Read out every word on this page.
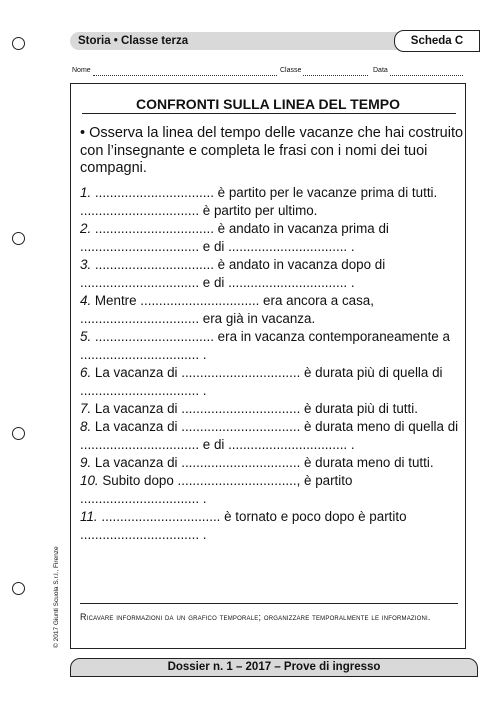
Storia • Classe terza	Scheda C
Nome	Classe	Data
CONFRONTI SULLA LINEA DEL TEMPO
• Osserva la linea del tempo delle vacanze che hai costruito con l’insegnante e completa le frasi con i nomi dei tuoi compagni.
1. ................................ è partito per le vacanze prima di tutti. ................................ è partito per ultimo.
2. ................................ è andato in vacanza prima di ................................ e di ................................ .
3. ................................ è andato in vacanza dopo di ................................ e di ................................ .
4. Mentre ................................ era ancora a casa, ................................ era già in vacanza.
5. ................................ era in vacanza contemporaneamente a ................................ .
6. La vacanza di ................................ è durata più di quella di ................................ .
7. La vacanza di ................................ è durata più di tutti.
8. La vacanza di ................................ è durata meno di quella di ................................ e di ................................ .
9. La vacanza di ................................ è durata meno di tutti.
10. Subito dopo ................................, è partito ................................ .
11. ................................ è tornato e poco dopo è partito ................................ .
Ricavare informazioni da un grafico temporale; organizzare temporalmente le informazioni.
© 2017 Giunti Scuola S.r.l., Firenze
Dossier n. 1 – 2017 – Prove di ingresso
